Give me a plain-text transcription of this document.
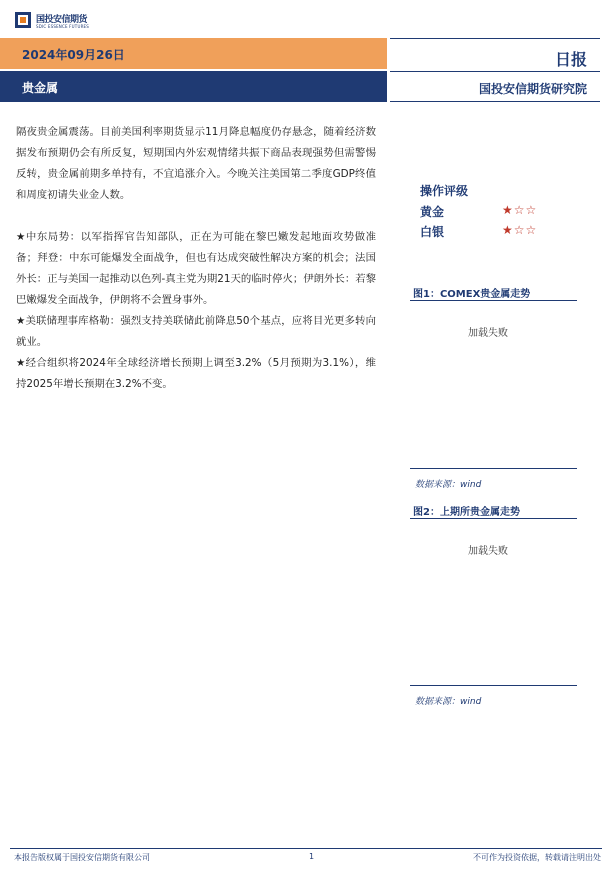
国投安信期货
SDIC ESSENCE FUTURES
2024年09月26日	日报
贵金属	国投安信期货研究院

隔夜贵金属震荡。目前美国利率期货显示11月降息幅度仍存悬念，随着经济数据发布预期仍会有所反复，短期国内外宏观情绪共振下商品表现强势但需警惕反转，贵金属前期多单持有，不宜追涨介入。今晚关注美国第二季度GDP终值和周度初请失业金人数。

★中东局势：以军指挥官告知部队，正在为可能在黎巴嫩发起地面攻势做准备；拜登：中东可能爆发全面战争，但也有达成突破性解决方案的机会；法国外长：正与美国一起推动以色列-真主党为期21天的临时停火；伊朗外长：若黎巴嫩爆发全面战争，伊朗将不会置身事外。

★美联储理事库格勒：强烈支持美联储此前降息50个基点，应将目光更多转向就业。

★经合组织将2024年全球经济增长预期上调至3.2%（5月预期为3.1%），维持2025年增长预期在3.2%不变。

操作评级
黄金	★☆☆
白银	★☆☆
图1：COMEX贵金属走势
加载失败
数据来源：wind
图2：上期所贵金属走势
加载失败
数据来源：wind
本报告版权属于国投安信期货有限公司	1	不可作为投资依据，转载请注明出处
